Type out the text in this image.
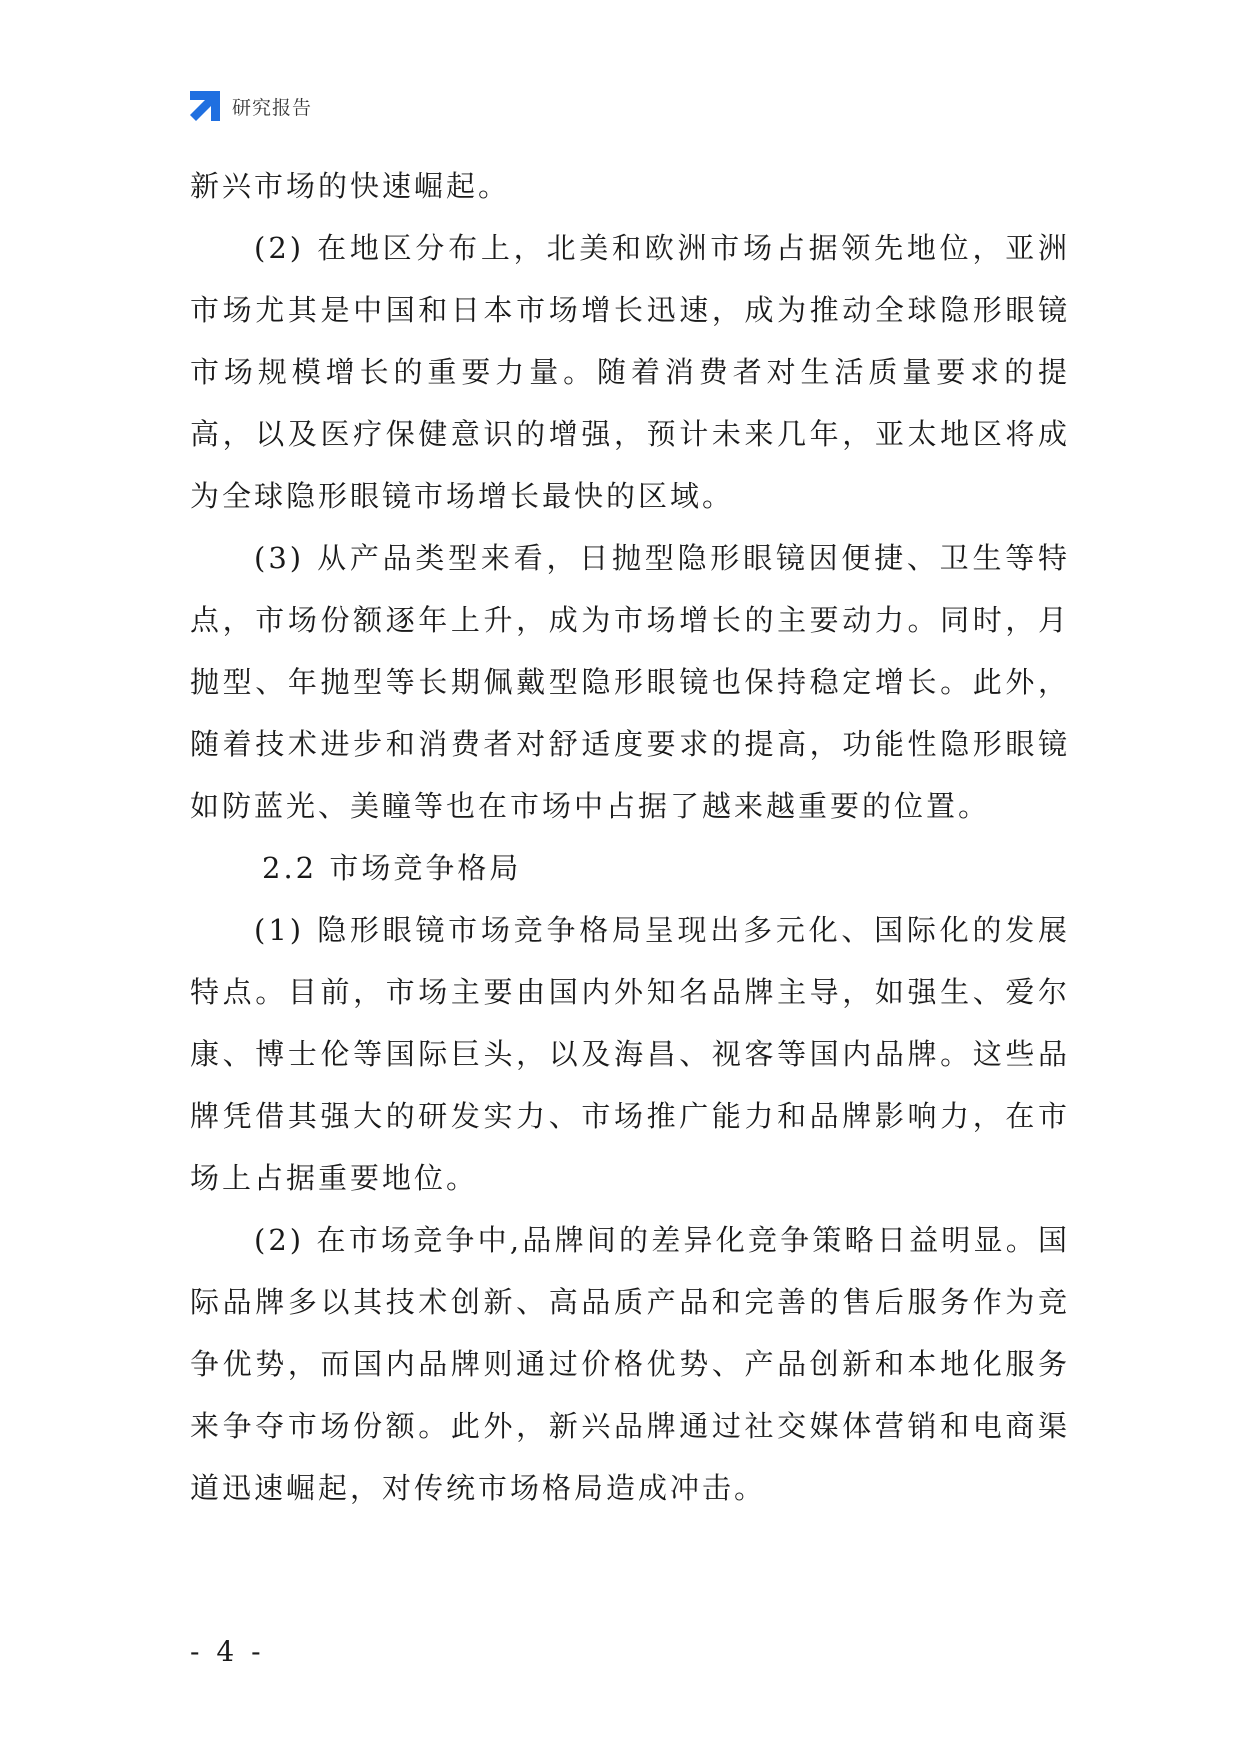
研究报告

新兴市场的快速崛起。

(2) 在地区分布上，北美和欧洲市场占据领先地位，亚洲市场尤其是中国和日本市场增长迅速，成为推动全球隐形眼镜市场规模增长的重要力量。随着消费者对生活质量要求的提高，以及医疗保健意识的增强，预计未来几年，亚太地区将成为全球隐形眼镜市场增长最快的区域。

(3) 从产品类型来看，日抛型隐形眼镜因便捷、卫生等特点，市场份额逐年上升，成为市场增长的主要动力。同时，月抛型、年抛型等长期佩戴型隐形眼镜也保持稳定增长。此外，随着技术进步和消费者对舒适度要求的提高，功能性隐形眼镜如防蓝光、美瞳等也在市场中占据了越来越重要的位置。

2.2 市场竞争格局

(1) 隐形眼镜市场竞争格局呈现出多元化、国际化的发展特点。目前，市场主要由国内外知名品牌主导，如强生、爱尔康、博士伦等国际巨头，以及海昌、视客等国内品牌。这些品牌凭借其强大的研发实力、市场推广能力和品牌影响力，在市场上占据重要地位。

(2) 在市场竞争中,品牌间的差异化竞争策略日益明显。国际品牌多以其技术创新、高品质产品和完善的售后服务作为竞争优势，而国内品牌则通过价格优势、产品创新和本地化服务来争夺市场份额。此外，新兴品牌通过社交媒体营销和电商渠道迅速崛起，对传统市场格局造成冲击。

- 4 -
